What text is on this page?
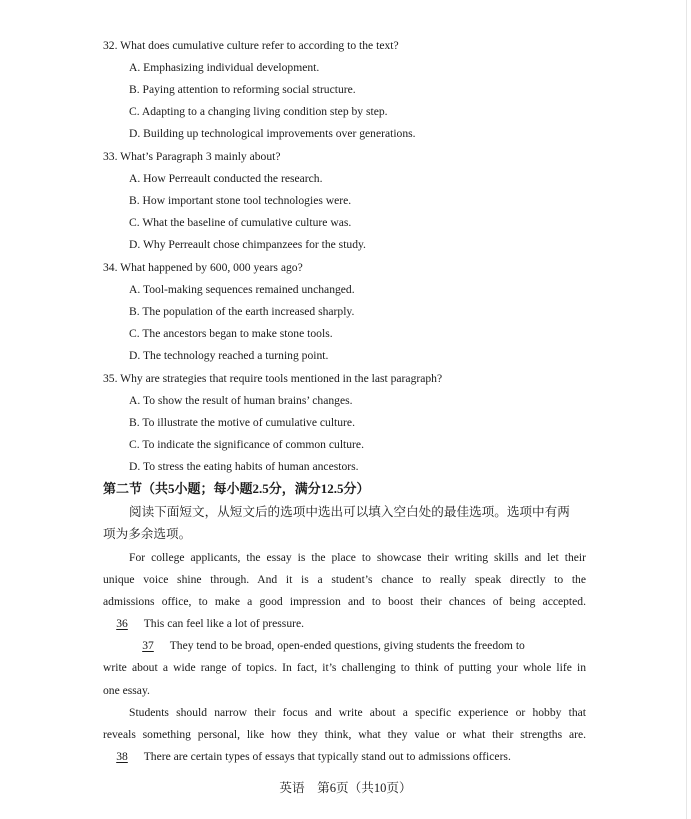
32. What does cumulative culture refer to according to the text?
A. Emphasizing individual development.
B. Paying attention to reforming social structure.
C. Adapting to a changing living condition step by step.
D. Building up technological improvements over generations.
33. What’s Paragraph 3 mainly about?
A. How Perreault conducted the research.
B. How important stone tool technologies were.
C. What the baseline of cumulative culture was.
D. Why Perreault chose chimpanzees for the study.
34. What happened by 600, 000 years ago?
A. Tool-making sequences remained unchanged.
B. The population of the earth increased sharply.
C. The ancestors began to make stone tools.
D. The technology reached a turning point.
35. Why are strategies that require tools mentioned in the last paragraph?
A. To show the result of human brains’ changes.
B. To illustrate the motive of cumulative culture.
C. To indicate the significance of common culture.
D. To stress the eating habits of human ancestors.
第二节（共5小题；每小题2.5分，满分12.5分）
阅读下面短文，从短文后的选项中选出可以填入空白处的最佳选项。选项中有两
项为多余选项。
For college applicants, the essay is the place to showcase their writing skills and let their
unique voice shine through. And it is a student’s chance to really speak directly to the
admissions office, to make a good impression and to boost their chances of being accepted.
36 This can feel like a lot of pressure.
37 They tend to be broad, open-ended questions, giving students the freedom to
write about a wide range of topics. In fact, it’s challenging to think of putting your whole life in
one essay.
Students should narrow their focus and write about a specific experience or hobby that
reveals something personal, like how they think, what they value or what their strengths are.
38 There are certain types of essays that typically stand out to admissions officers.
英语　第6页（共10页）
